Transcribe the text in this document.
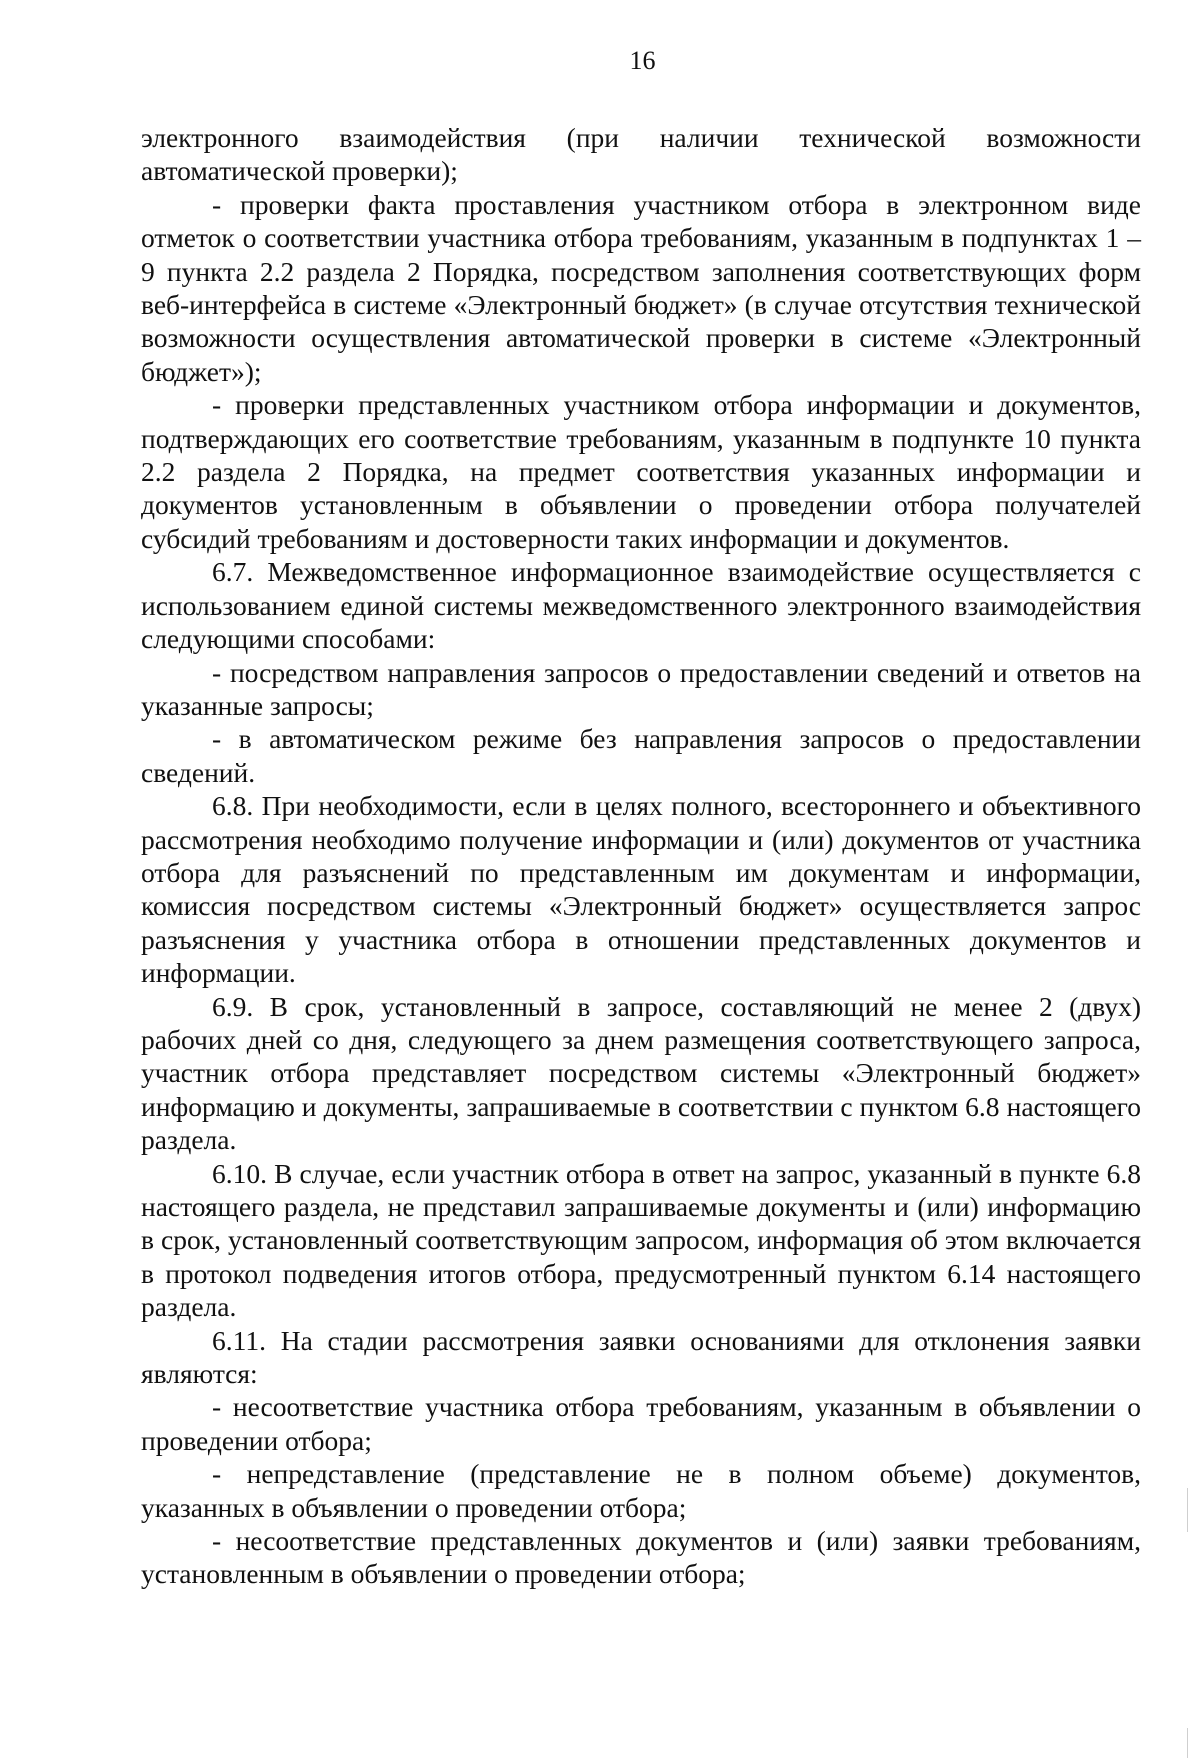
16

электронного взаимодействия (при наличии технической возможности автоматической проверки);

- проверки факта проставления участником отбора в электронном виде отметок о соответствии участника отбора требованиям, указанным в подпунктах 1 – 9 пункта 2.2 раздела 2 Порядка, посредством заполнения соответствующих форм веб-интерфейса в системе «Электронный бюджет» (в случае отсутствия технической возможности осуществления автоматической проверки в системе «Электронный бюджет»);

- проверки представленных участником отбора информации и документов, подтверждающих его соответствие требованиям, указанным в подпункте 10 пункта 2.2 раздела 2 Порядка, на предмет соответствия указанных информации и документов установленным в объявлении о проведении отбора получателей субсидий требованиям и достоверности таких информации и документов.

6.7. Межведомственное информационное взаимодействие осуществляется с использованием единой системы межведомственного электронного взаимодействия следующими способами:

- посредством направления запросов о предоставлении сведений и ответов на указанные запросы;

- в автоматическом режиме без направления запросов о предоставлении сведений.

6.8. При необходимости, если в целях полного, всестороннего и объективного рассмотрения необходимо получение информации и (или) документов от участника отбора для разъяснений по представленным им документам и информации, комиссия посредством системы «Электронный бюджет» осуществляется запрос разъяснения у участника отбора в отношении представленных документов и информации.

6.9. В срок, установленный в запросе, составляющий не менее 2 (двух) рабочих дней со дня, следующего за днем размещения соответствующего запроса, участник отбора представляет посредством системы «Электронный бюджет» информацию и документы, запрашиваемые в соответствии с пунктом 6.8 настоящего раздела.

6.10. В случае, если участник отбора в ответ на запрос, указанный в пункте 6.8 настоящего раздела, не представил запрашиваемые документы и (или) информацию в срок, установленный соответствующим запросом, информация об этом включается в протокол подведения итогов отбора, предусмотренный пунктом 6.14 настоящего раздела.

6.11. На стадии рассмотрения заявки основаниями для отклонения заявки являются:

- несоответствие участника отбора требованиям, указанным в объявлении о проведении отбора;

- непредставление (представление не в полном объеме) документов, указанных в объявлении о проведении отбора;

- несоответствие представленных документов и (или) заявки требованиям, установленным в объявлении о проведении отбора;
